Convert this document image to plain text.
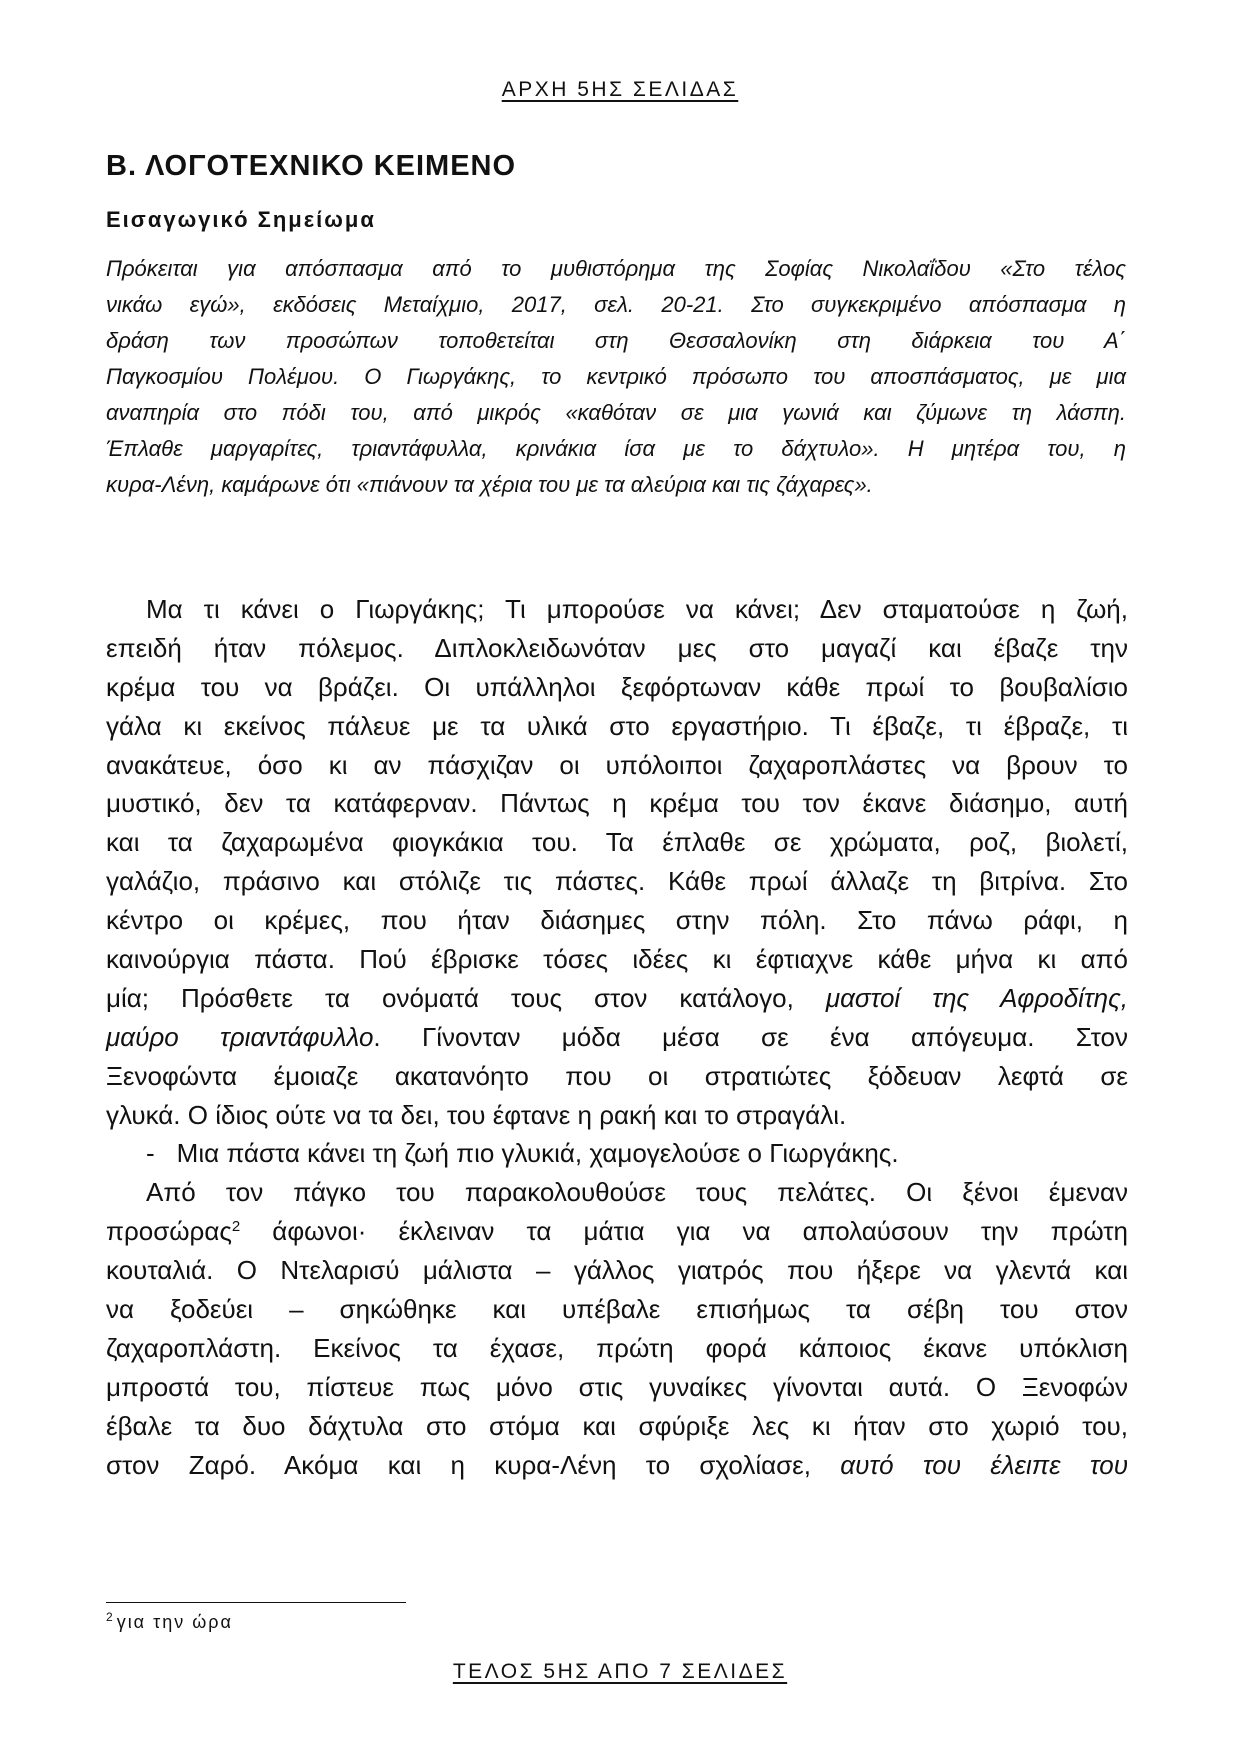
ΑΡΧΗ 5ΗΣ ΣΕΛΙΔΑΣ
Β. ΛΟΓΟΤΕΧΝΙΚΟ ΚΕΙΜΕΝΟ
Εισαγωγικό Σημείωμα
Πρόκειται για απόσπασμα από το μυθιστόρημα της Σοφίας Νικολαΐδου «Στο τέλος
νικάω εγώ», εκδόσεις Μεταίχμιο, 2017, σελ. 20-21. Στο συγκεκριμένο απόσπασμα η
δράση των προσώπων τοποθετείται στη Θεσσαλονίκη στη διάρκεια του Α΄
Παγκοσμίου Πολέμου. Ο Γιωργάκης, το κεντρικό πρόσωπο του αποσπάσματος, με μια
αναπηρία στο πόδι του, από μικρός «καθόταν σε μια γωνιά και ζύμωνε τη λάσπη.
Έπλαθε μαργαρίτες, τριαντάφυλλα, κρινάκια ίσα με το δάχτυλο». Η μητέρα του, η
κυρα-Λένη, καμάρωνε ότι «πιάνουν τα χέρια του με τα αλεύρια και τις ζάχαρες».
Μα τι κάνει ο Γιωργάκης; Τι μπορούσε να κάνει; Δεν σταματούσε η ζωή,
επειδή ήταν πόλεμος. Διπλοκλειδωνόταν μες στο μαγαζί και έβαζε την
κρέμα του να βράζει. Οι υπάλληλοι ξεφόρτωναν κάθε πρωί το βουβαλίσιο
γάλα κι εκείνος πάλευε με τα υλικά στο εργαστήριο. Τι έβαζε, τι έβραζε, τι
ανακάτευε, όσο κι αν πάσχιζαν οι υπόλοιποι ζαχαροπλάστες να βρουν το
μυστικό, δεν τα κατάφερναν. Πάντως η κρέμα του τον έκανε διάσημο, αυτή
και τα ζαχαρωμένα φιογκάκια του. Τα έπλαθε σε χρώματα, ροζ, βιολετί,
γαλάζιο, πράσινο και στόλιζε τις πάστες. Κάθε πρωί άλλαζε τη βιτρίνα. Στο
κέντρο οι κρέμες, που ήταν διάσημες στην πόλη. Στο πάνω ράφι, η
καινούργια πάστα. Πού έβρισκε τόσες ιδέες κι έφτιαχνε κάθε μήνα κι από
μία; Πρόσθετε τα ονόματά τους στον κατάλογο, μαστοί της Αφροδίτης,
μαύρο τριαντάφυλλο. Γίνονταν μόδα μέσα σε ένα απόγευμα. Στον
Ξενοφώντα έμοιαζε ακατανόητο που οι στρατιώτες ξόδευαν λεφτά σε
γλυκά. Ο ίδιος ούτε να τα δει, του έφτανε η ρακή και το στραγάλι.
- Μια πάστα κάνει τη ζωή πιο γλυκιά, χαμογελούσε ο Γιωργάκης.
Από τον πάγκο του παρακολουθούσε τους πελάτες. Οι ξένοι έμεναν
προσώρας$^2$ άφωνοι· έκλειναν τα μάτια για να απολαύσουν την πρώτη
κουταλιά. Ο Ντελαρισύ μάλιστα – γάλλος γιατρός που ήξερε να γλεντά και
να ξοδεύει – σηκώθηκε και υπέβαλε επισήμως τα σέβη του στον
ζαχαροπλάστη. Εκείνος τα έχασε, πρώτη φορά κάποιος έκανε υπόκλιση
μπροστά του, πίστευε πως μόνο στις γυναίκες γίνονται αυτά. Ο Ξενοφών
έβαλε τα δυο δάχτυλα στο στόμα και σφύριξε λες κι ήταν στο χωριό του,
στον Ζαρό. Ακόμα και η κυρα-Λένη το σχολίασε, αυτό του έλειπε του
$^2$ για την ώρα
ΤΕΛΟΣ 5ΗΣ ΑΠΟ 7 ΣΕΛΙΔΕΣ
